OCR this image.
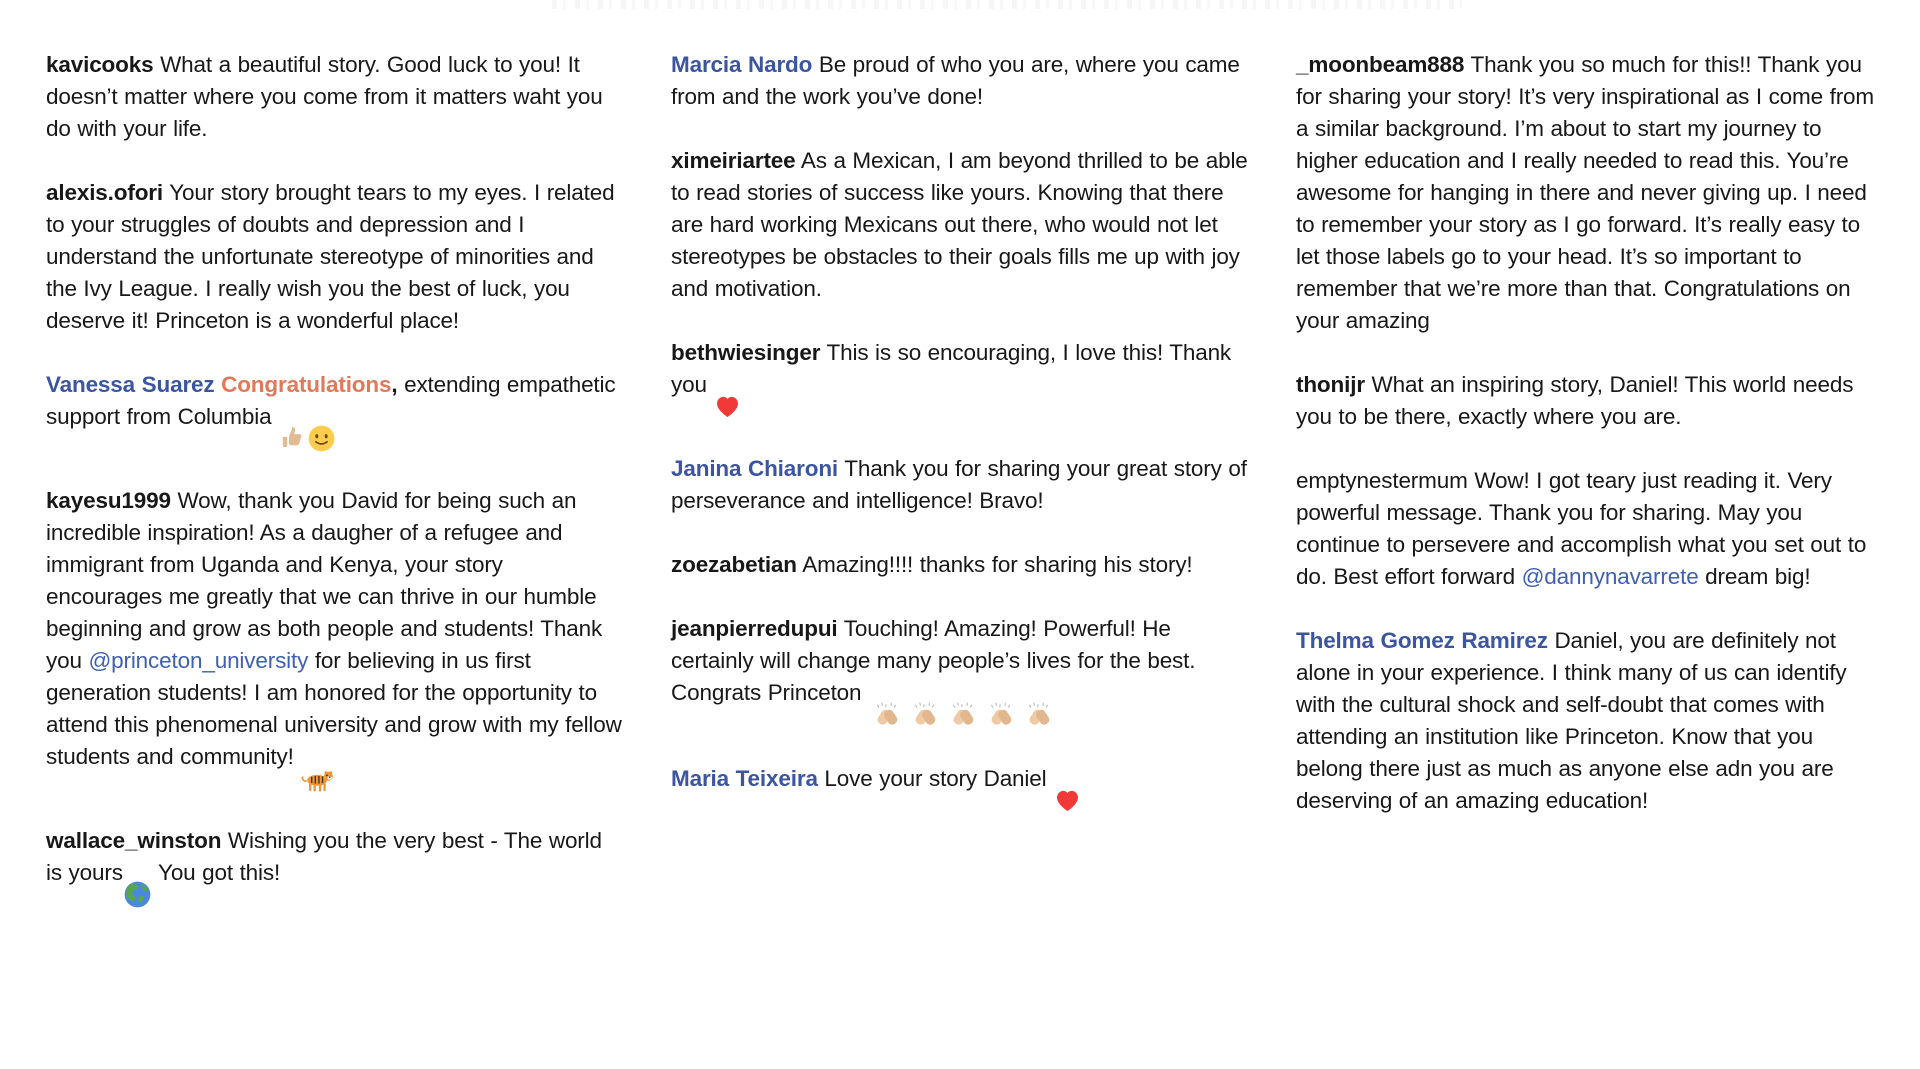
kavicooks What a beautiful story. Good luck to you! It doesn’t matter where you come from it matters waht you do with your life.

alexis.ofori Your story brought tears to my eyes. I related to your struggles of doubts and depression and I understand the unfortunate stereotype of minorities and the Ivy League. I really wish you the best of luck, you deserve it! Princeton is a wonderful place!

Vanessa Suarez Congratulations, extending empathetic support from Columbia

kayesu1999 Wow, thank you David for being such an incredible inspiration! As a daugher of a refugee and immigrant from Uganda and Kenya, your story encourages me greatly that we can thrive in our humble beginning and grow as both people and students! Thank you @princeton_university for believing in us first generation students! I am honored for the opportunity to attend this phenomenal university and grow with my fellow students and community!

wallace_winston Wishing you the very best - The world is yours You got this!

Marcia Nardo Be proud of who you are, where you came from and the work you’ve done!

ximeiriartee As a Mexican, I am beyond thrilled to be able to read stories of success like yours. Knowing that there are hard working Mexicans out there, who would not let stereotypes be obstacles to their goals fills me up with joy and motivation.

bethwiesinger This is so encouraging, I love this! Thank you

Janina Chiaroni Thank you for sharing your great story of perseverance and intelligence! Bravo!

zoezabetian Amazing!!!! thanks for sharing his story!

jeanpierredupui Touching! Amazing! Powerful! He certainly will change many people’s lives for the best. Congrats Princeton

Maria Teixeira Love your story Daniel

_moonbeam888 Thank you so much for this!! Thank you for sharing your story! It’s very inspirational as I come from a similar background. I’m about to start my journey to higher education and I really needed to read this. You’re awesome for hanging in there and never giving up. I need to remember your story as I go forward. It’s really easy to let those labels go to your head. It’s so important to remember that we’re more than that. Congratulations on your amazing

thonijr What an inspiring story, Daniel! This world needs you to be there, exactly where you are.

emptynestermum Wow! I got teary just reading it. Very powerful message. Thank you for sharing. May you continue to persevere and accomplish what you set out to do. Best effort forward @dannynavarrete dream big!

Thelma Gomez Ramirez Daniel, you are definitely not alone in your experience. I think many of us can identify with the cultural shock and self-doubt that comes with attending an institution like Princeton. Know that you belong there just as much as anyone else adn you are deserving of an amazing education!
